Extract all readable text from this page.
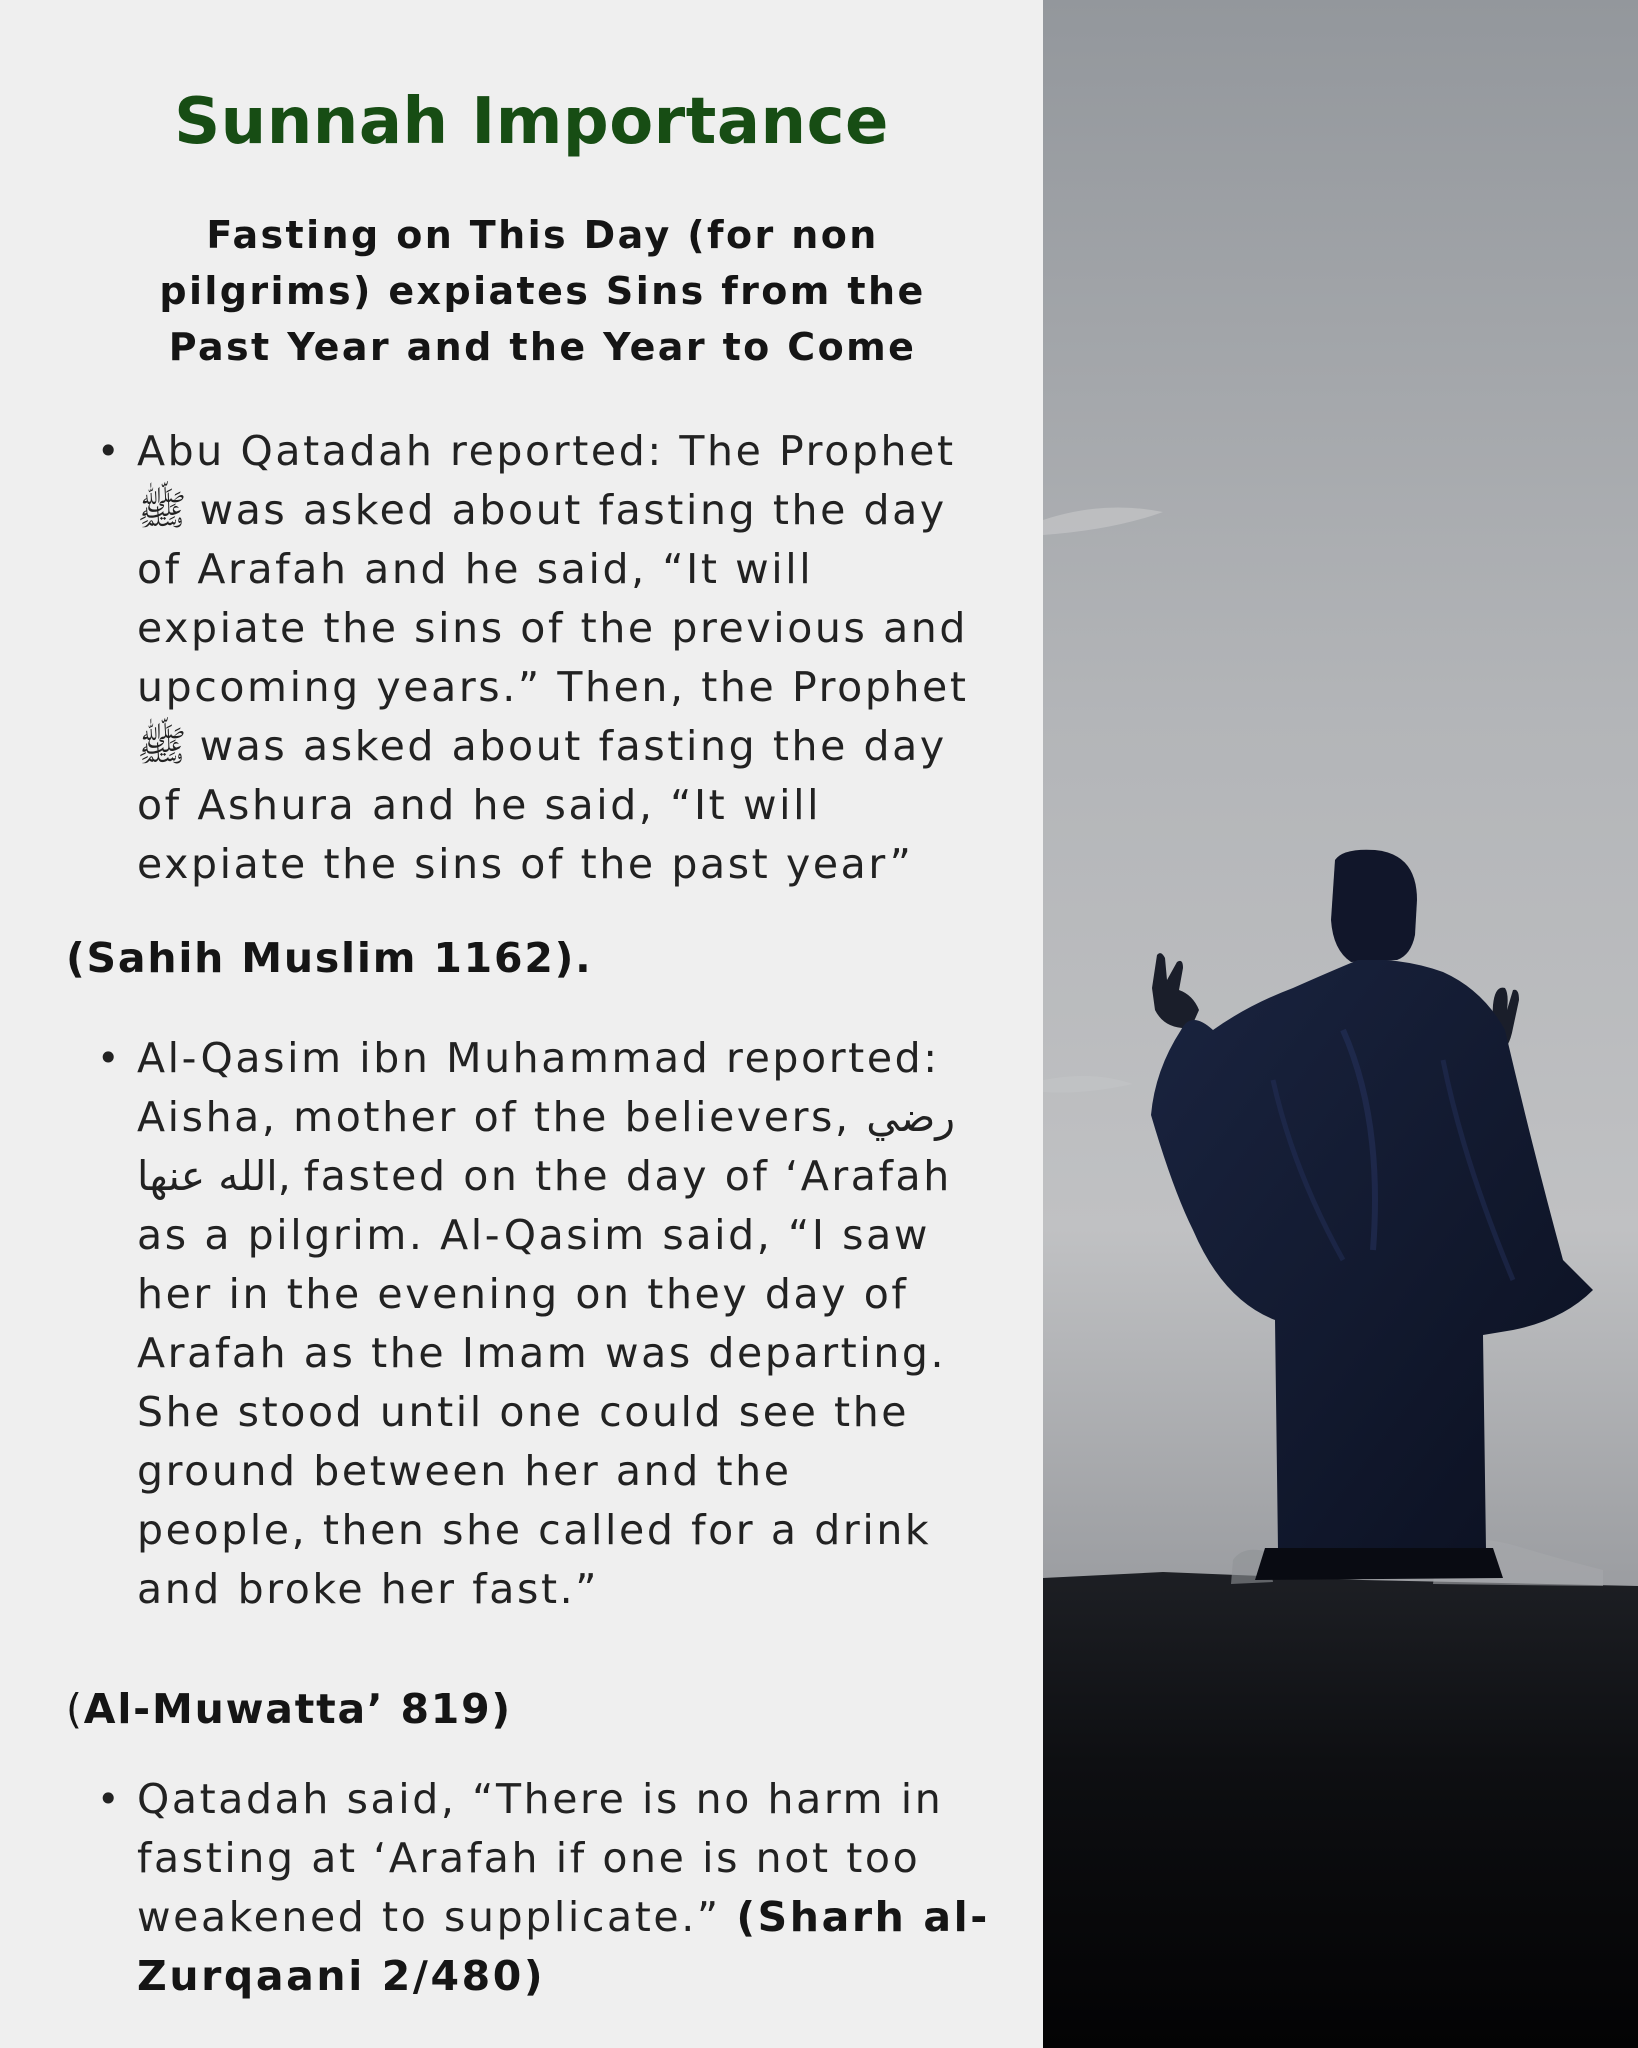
Sunnah Importance
Fasting on This Day (for non
pilgrims) expiates Sins from the
Past Year and the Year to Come
• Abu Qatadah reported: The Prophet
ﷺ was asked about fasting the day
of Arafah and he said, “It will
expiate the sins of the previous and
upcoming years.” Then, the Prophet
ﷺ was asked about fasting the day
of Ashura and he said, “It will
expiate the sins of the past year”
(Sahih Muslim 1162).
• Al-Qasim ibn Muhammad reported:
Aisha, mother of the believers, رضي
الله عنها, fasted on the day of ‘Arafah
as a pilgrim. Al-Qasim said, “I saw
her in the evening on they day of
Arafah as the Imam was departing.
She stood until one could see the
ground between her and the
people, then she called for a drink
and broke her fast.”
(Al-Muwatta’ 819)
• Qatadah said, “There is no harm in
fasting at ‘Arafah if one is not too
weakened to supplicate.” (Sharh al-
Zurqaani 2/480)
